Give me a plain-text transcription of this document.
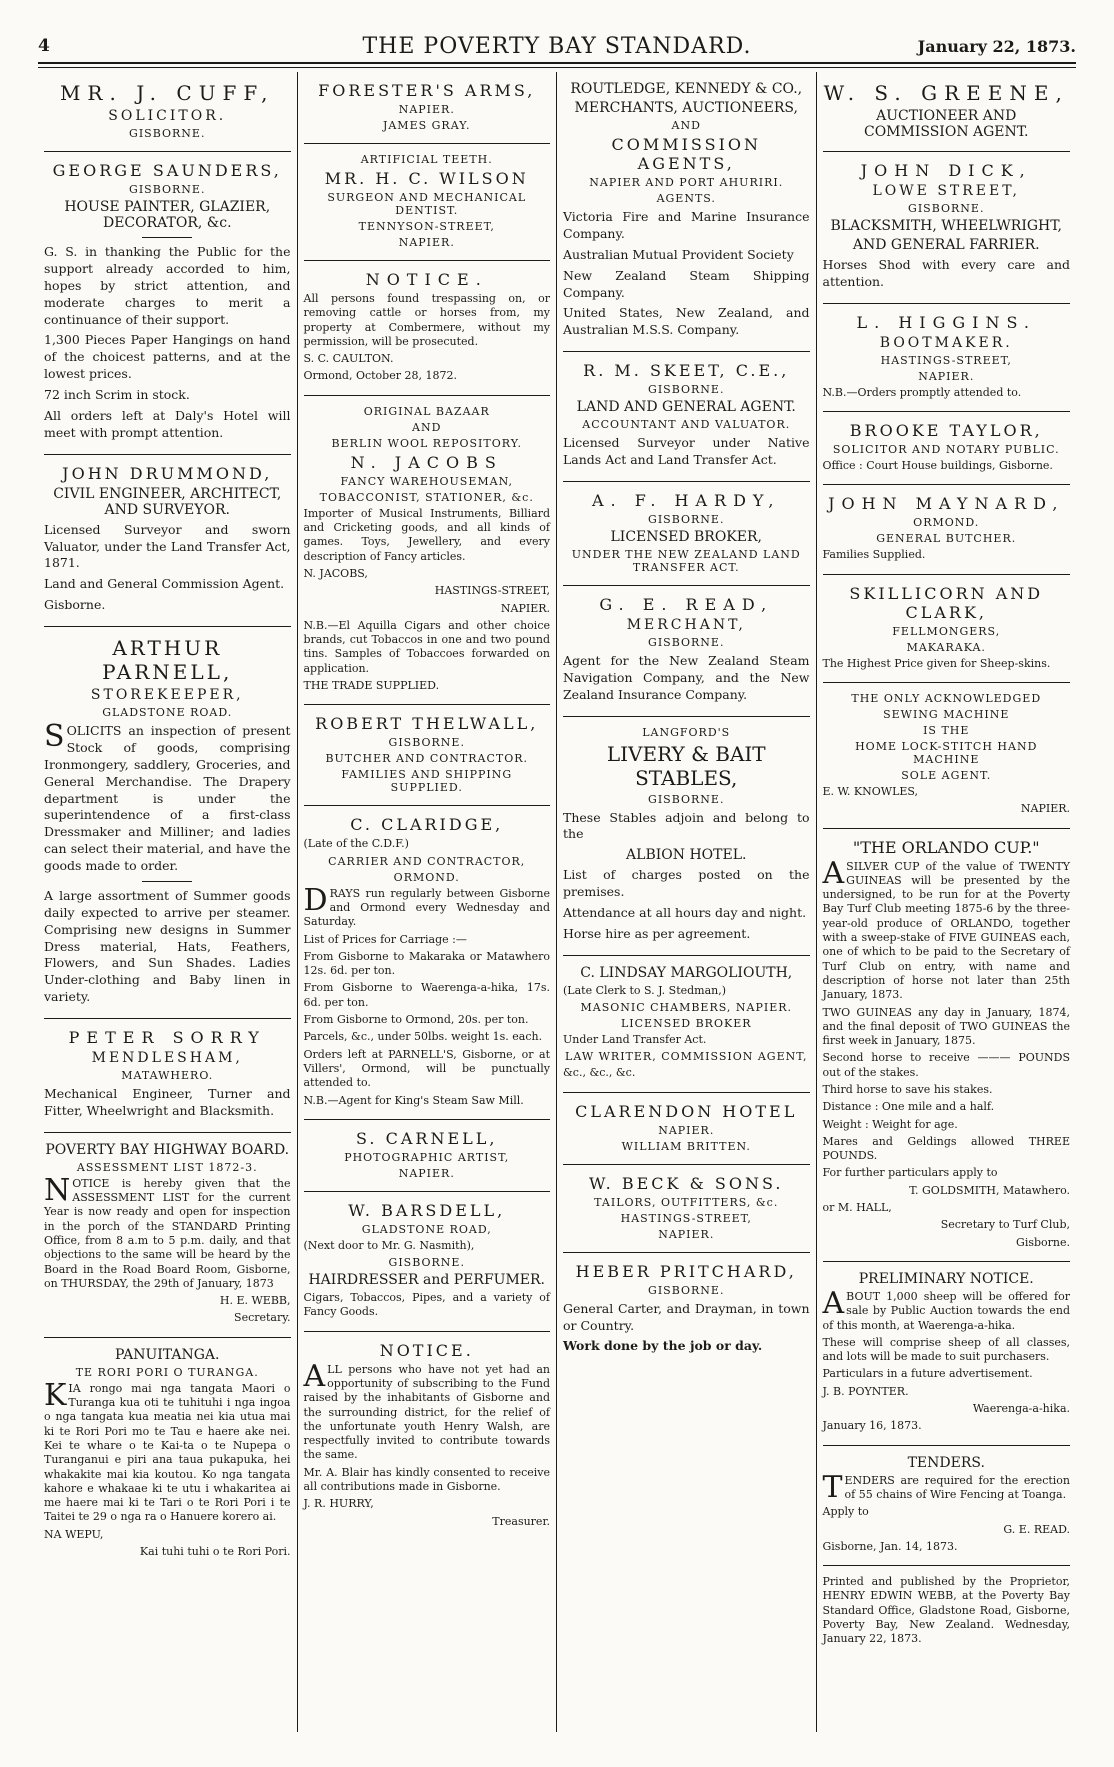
4	THE POVERTY BAY STANDARD.	January 22, 1873.
MR. J. CUFF,
SOLICITOR.
GISBORNE.
GEORGE SAUNDERS,
GISBORNE.
HOUSE PAINTER, GLAZIER, DECORATOR, &c.

G. S. in thanking the Public for the support already accorded to him, hopes by strict attention, and moderate charges to merit a continuance of their support.

1,300 Pieces Paper Hangings on hand of the choicest patterns, and at the lowest prices.

72 inch Scrim in stock.

All orders left at Daly's Hotel will meet with prompt attention.

JOHN DRUMMOND,
CIVIL ENGINEER, ARCHITECT, AND SURVEYOR.

Licensed Surveyor and sworn Valuator, under the Land Transfer Act, 1871.

Land and General Commission Agent.

Gisborne.

ARTHUR PARNELL,
STOREKEEPER,
GLADSTONE ROAD.

SOLICITS an inspection of present Stock of goods, comprising Ironmongery, saddlery, Groceries, and General Merchandise. The Drapery department is under the superintendence of a first-class Dressmaker and Milliner; and ladies can select their material, and have the goods made to order.

A large assortment of Summer goods daily expected to arrive per steamer. Comprising new designs in Summer Dress material, Hats, Feathers, Flowers, and Sun Shades. Ladies Under-clothing and Baby linen in variety.

PETER SORRY
MENDLESHAM,
MATAWHERO.

Mechanical Engineer, Turner and Fitter, Wheelwright and Blacksmith.

POVERTY BAY HIGHWAY BOARD.
ASSESSMENT LIST 1872-3.

NOTICE is hereby given that the ASSESSMENT LIST for the current Year is now ready and open for inspection in the porch of the STANDARD Printing Office, from 8 a.m to 5 p.m. daily, and that objections to the same will be heard by the Board in the Road Board Room, Gisborne, on THURSDAY, the 29th of January, 1873

H. E. WEBB,
Secretary.
PANUITANGA.
TE RORI PORI O TURANGA.

KIA rongo mai nga tangata Maori o Turanga kua oti te tuhituhi i nga ingoa o nga tangata kua meatia nei kia utua mai ki te Rori Pori mo te Tau e haere ake nei. Kei te whare o te Kai-ta o te Nupepa o Turanganui e piri ana taua pukapuka, hei whakakite mai kia koutou. Ko nga tangata kahore e whakaae ki te utu i whakaritea ai me haere mai ki te Tari o te Rori Pori i te Taitei te 29 o nga ra o Hanuere korero ai.

NA WEPU,
Kai tuhi tuhi o te Rori Pori.
FORESTER'S ARMS,
NAPIER.
JAMES GRAY.
ARTIFICIAL TEETH.
MR. H. C. WILSON
SURGEON AND MECHANICAL DENTIST.
TENNYSON-STREET,
NAPIER.
NOTICE.

All persons found trespassing on, or removing cattle or horses from, my property at Combermere, without my permission, will be prosecuted.

S. C. CAULTON.
Ormond, October 28, 1872.
ORIGINAL BAZAAR
AND
BERLIN WOOL REPOSITORY.
N. JACOBS
FANCY WAREHOUSEMAN,
TOBACCONIST, STATIONER, &c.

Importer of Musical Instruments, Billiard and Cricketing goods, and all kinds of games. Toys, Jewellery, and every description of Fancy articles.

N. JACOBS,
HASTINGS-STREET,
NAPIER.

N.B.—El Aquilla Cigars and other choice brands, cut Tobaccos in one and two pound tins. Samples of Tobaccoes forwarded on application.

THE TRADE SUPPLIED.
ROBERT THELWALL,
GISBORNE.
BUTCHER AND CONTRACTOR.
FAMILIES AND SHIPPING SUPPLIED.
C. CLARIDGE,
(Late of the C.D.F.)
CARRIER AND CONTRACTOR,
ORMOND.

DRAYS run regularly between Gisborne and Ormond every Wednesday and Saturday.

List of Prices for Carriage :—
From Gisborne to Makaraka or Matawhero 12s. 6d. per ton.
From Gisborne to Waerenga-a-hika, 17s. 6d. per ton.
From Gisborne to Ormond, 20s. per ton.
Parcels, &c., under 50lbs. weight 1s. each.

Orders left at PARNELL'S, Gisborne, or at Villers', Ormond, will be punctually attended to.

N.B.—Agent for King's Steam Saw Mill.
S. CARNELL,
PHOTOGRAPHIC ARTIST,
NAPIER.
W. BARSDELL,
GLADSTONE ROAD,
(Next door to Mr. G. Nasmith),
GISBORNE.
HAIRDRESSER and PERFUMER.
Cigars, Tobaccos, Pipes, and a variety of Fancy Goods.
NOTICE.

ALL persons who have not yet had an opportunity of subscribing to the Fund raised by the inhabitants of Gisborne and the surrounding district, for the relief of the unfortunate youth Henry Walsh, are respectfully invited to contribute towards the same.

Mr. A. Blair has kindly consented to receive all contributions made in Gisborne.

J. R. HURRY,
Treasurer.
ROUTLEDGE, KENNEDY & CO.,
MERCHANTS, AUCTIONEERS,
AND
COMMISSION AGENTS,
NAPIER AND PORT AHURIRI.
AGENTS.

Victoria Fire and Marine Insurance Company.

Australian Mutual Provident Society

New Zealand Steam Shipping Company.

United States, New Zealand, and Australian M.S.S. Company.

R. M. SKEET, C.E.,
GISBORNE.
LAND AND GENERAL AGENT.
ACCOUNTANT AND VALUATOR.

Licensed Surveyor under Native Lands Act and Land Transfer Act.

A. F. HARDY,
GISBORNE.
LICENSED BROKER,
UNDER THE NEW ZEALAND LAND TRANSFER ACT.
G. E. READ,
MERCHANT,
GISBORNE.

Agent for the New Zealand Steam Navigation Company, and the New Zealand Insurance Company.

LANGFORD'S
LIVERY & BAIT STABLES,
GISBORNE.

These Stables adjoin and belong to the

ALBION HOTEL.

List of charges posted on the premises.

Attendance at all hours day and night.

Horse hire as per agreement.

C. LINDSAY MARGOLIOUTH,
(Late Clerk to S. J. Stedman,)
MASONIC CHAMBERS, NAPIER.
LICENSED BROKER
Under Land Transfer Act.
LAW WRITER, COMMISSION AGENT,
&c., &c., &c.
CLARENDON HOTEL
NAPIER.
WILLIAM BRITTEN.
W. BECK & SONS.
TAILORS, OUTFITTERS, &c.
HASTINGS-STREET,
NAPIER.
HEBER PRITCHARD,
GISBORNE.

General Carter, and Drayman, in town or Country.

Work done by the job or day.

W. S. GREENE,
AUCTIONEER AND COMMISSION AGENT.
JOHN DICK,
LOWE STREET,
GISBORNE.
BLACKSMITH, WHEELWRIGHT,
AND GENERAL FARRIER.

Horses Shod with every care and attention.

L. HIGGINS.
BOOTMAKER.
HASTINGS-STREET,
NAPIER.
N.B.—Orders promptly attended to.
BROOKE TAYLOR,
SOLICITOR AND NOTARY PUBLIC.
Office : Court House buildings, Gisborne.
JOHN MAYNARD,
ORMOND.
GENERAL BUTCHER.
Families Supplied.
SKILLICORN AND CLARK,
FELLMONGERS,
MAKARAKA.
The Highest Price given for Sheep-skins.
THE ONLY ACKNOWLEDGED
SEWING MACHINE
IS THE
HOME LOCK-STITCH HAND MACHINE
SOLE AGENT.
E. W. KNOWLES,
NAPIER.
"THE ORLANDO CUP."

ASILVER CUP of the value of TWENTY GUINEAS will be presented by the undersigned, to be run for at the Poverty Bay Turf Club meeting 1875-6 by the three-year-old produce of ORLANDO, together with a sweep-stake of FIVE GUINEAS each, one of which to be paid to the Secretary of Turf Club on entry, with name and description of horse not later than 25th January, 1873.

TWO GUINEAS any day in January, 1874, and the final deposit of TWO GUINEAS the first week in January, 1875.

Second horse to receive ——— POUNDS out of the stakes.

Third horse to save his stakes.
Distance : One mile and a half.
Weight : Weight for age.
Mares and Geldings allowed THREE POUNDS.
For further particulars apply to
T. GOLDSMITH, Matawhero.
or M. HALL,
Secretary to Turf Club,
Gisborne.
PRELIMINARY NOTICE.

ABOUT 1,000 sheep will be offered for sale by Public Auction towards the end of this month, at Waerenga-a-hika.

These will comprise sheep of all classes, and lots will be made to suit purchasers.

Particulars in a future advertisement.
J. B. POYNTER.
Waerenga-a-hika.
January 16, 1873.
TENDERS.

TENDERS are required for the erection of 55 chains of Wire Fencing at Toanga.

Apply to
G. E. READ.
Gisborne, Jan. 14, 1873.

Printed and published by the Proprietor, HENRY EDWIN WEBB, at the Poverty Bay Standard Office, Gladstone Road, Gisborne, Poverty Bay, New Zealand. Wednesday, January 22, 1873.
